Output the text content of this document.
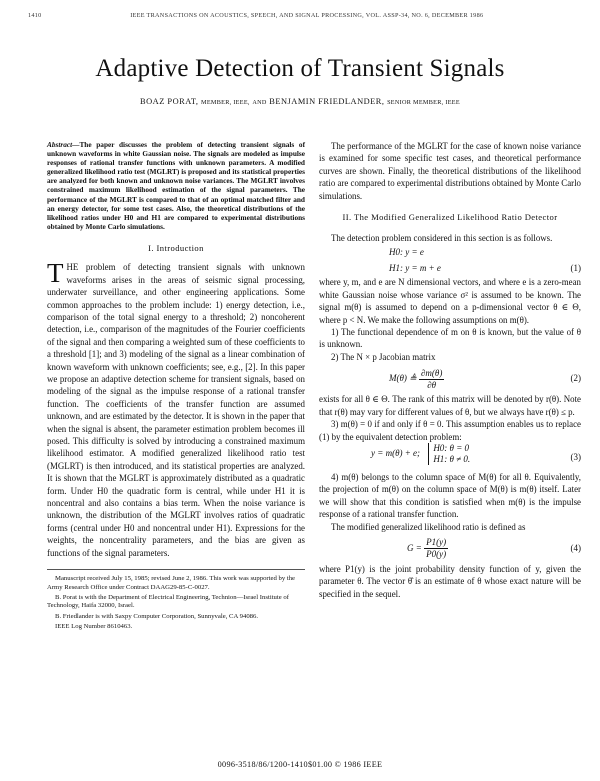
1410	IEEE TRANSACTIONS ON ACOUSTICS, SPEECH, AND SIGNAL PROCESSING, VOL. ASSP-34, NO. 6, DECEMBER 1986
Adaptive Detection of Transient Signals
BOAZ PORAT, MEMBER, IEEE, AND BENJAMIN FRIEDLANDER, SENIOR MEMBER, IEEE
Abstract—The paper discusses the problem of detecting transient signals of unknown waveforms in white Gaussian noise. The signals are modeled as impulse responses of rational transfer functions with unknown parameters. A modified generalized likelihood ratio test (MGLRT) is proposed and its statistical properties are analyzed for both known and unknown noise variances. The MGLRT involves constrained maximum likelihood estimation of the signal parameters. The performance of the MGLRT is compared to that of an optimal matched filter and an energy detector, for some test cases. Also, the theoretical distributions of the likelihood ratios under H0 and H1 are compared to experimental distributions obtained by Monte Carlo simulations.
I. Introduction

THE problem of detecting transient signals with unknown waveforms arises in the areas of seismic signal processing, underwater surveillance, and other engineering applications. Some common approaches to the problem include: 1) energy detection, i.e., comparison of the total signal energy to a threshold; 2) noncoherent detection, i.e., comparison of the magnitudes of the Fourier coefficients of the signal and then comparing a weighted sum of these coefficients to a threshold [1]; and 3) modeling of the signal as a linear combination of known waveform with unknown coefficients; see, e.g., [2]. In this paper we propose an adaptive detection scheme for transient signals, based on modeling of the signal as the impulse response of a rational transfer function. The coefficients of the transfer function are assumed unknown, and are estimated by the detector. It is shown in the paper that when the signal is absent, the parameter estimation problem becomes ill posed. This difficulty is solved by introducing a constrained maximum likelihood estimator. A modified generalized likelihood ratio test (MGLRT) is then introduced, and its statistical properties are analyzed. It is shown that the MGLRT is approximately distributed as a quadratic form. Under H0 the quadratic form is central, while under H1 it is noncentral and also contains a bias term. When the noise variance is unknown, the distribution of the MGLRT involves ratios of quadratic forms (central under H0 and noncentral under H1). Expressions for the weights, the noncentrality parameters, and the bias are given as functions of the signal parameters.

Manuscript received July 15, 1985; revised June 2, 1986. This work was supported by the Army Research Office under Contract DAAG29-85-C-0027.

B. Porat is with the Department of Electrical Engineering, Technion—Israel Institute of Technology, Haifa 32000, Israel.

B. Friedlander is with Saxpy Computer Corporation, Sunnyvale, CA 94086.

IEEE Log Number 8610463.

The performance of the MGLRT for the case of known noise variance is examined for some specific test cases, and theoretical performance curves are shown. Finally, the theoretical distributions of the likelihood ratio are compared to experimental distributions obtained by Monte Carlo simulations.

II. The Modified Generalized Likelihood Ratio Detector

The detection problem considered in this section is as follows.

H0: y = e
H1: y = m + e	(1)

where y, m, and e are N dimensional vectors, and where e is a zero-mean white Gaussian noise whose variance σ² is assumed to be known. The signal m(θ) is assumed to depend on a p-dimensional vector θ ∈ Θ, where p < N. We make the following assumptions on m(θ).

1) The functional dependence of m on θ is known, but the value of θ is unknown.

2) The N × p Jacobian matrix

M(θ) ≜ $\frac{\partial m(\theta)}{\partial\theta}$	(2)

exists for all θ ∈ Θ. The rank of this matrix will be denoted by r(θ). Note that r(θ) may vary for different values of θ, but we always have r(θ) ≤ p.

3) m(θ) = 0 if and only if θ = 0. This assumption enables us to replace (1) by the equivalent detection problem:

y = m(θ) + e;
H0: θ = 0
H1: θ ≠ 0.	(3)

4) m(θ) belongs to the column space of M(θ) for all θ. Equivalently, the projection of m(θ) on the column space of M(θ) is m(θ) itself. Later we will show that this condition is satisfied when m(θ) is the impulse response of a rational transfer function.

The modified generalized likelihood ratio is defined as

$G = \frac{P1(y)}{P0(y)}$	(4)

where P1(y) is the joint probability density function of y, given the parameter θ. The vector θ̂ is an estimate of θ whose exact nature will be specified in the sequel.

0096-3518/86/1200-1410$01.00 © 1986 IEEE
